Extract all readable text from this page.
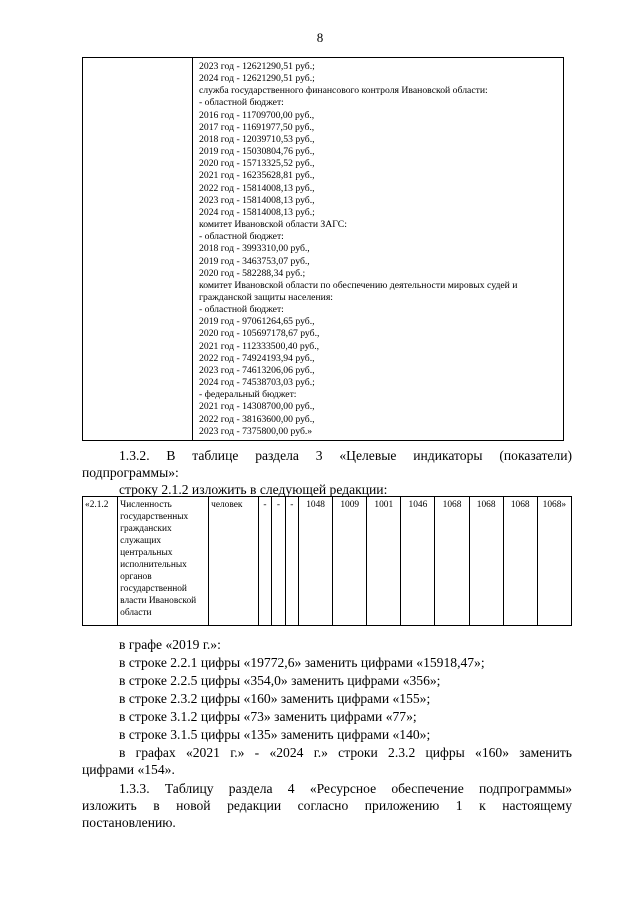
8

2023 год - 12621290,51 руб.;
2024 год - 12621290,51 руб.;
служба государственного финансового контроля Ивановской области:
- областной бюджет:
2016 год - 11709700,00 руб.,
2017 год - 11691977,50 руб.,
2018 год - 12039710,53 руб.,
2019 год - 15030804,76 руб.,
2020 год - 15713325,52 руб.,
2021 год - 16235628,81 руб.,
2022 год - 15814008,13 руб.,
2023 год - 15814008,13 руб.,
2024 год - 15814008,13 руб.;
комитет Ивановской области ЗАГС:
- областной бюджет:
2018 год - 3993310,00 руб.,
2019 год - 3463753,07 руб.,
2020 год - 582288,34 руб.;
комитет Ивановской области по обеспечению деятельности мировых судей и гражданской защиты населения:
- областной бюджет:
2019 год - 97061264,65 руб.,
2020 год - 105697178,67 руб.,
2021 год - 112333500,40 руб.,
2022 год - 74924193,94 руб.,
2023 год - 74613206,06 руб.,
2024 год - 74538703,03 руб.;
- федеральный бюджет:
2021 год - 14308700,00 руб.,
2022 год - 38163600,00 руб.,
2023 год - 7375800,00 руб.»
1.3.2. В таблице раздела 3 «Целевые индикаторы (показатели)
подпрограммы»:
строку 2.1.2 изложить в следующей редакции:
«2.1.2	Численность государственных гражданских служащих центральных исполнительных органов государственной власти Ивановской области	человек	-	-	-	1048	1009	1001	1046	1068	1068	1068	1068»
в графе «2019 г.»:
в строке 2.2.1 цифры «19772,6» заменить цифрами «15918,47»;
в строке 2.2.5 цифры «354,0» заменить цифрами «356»;
в строке 2.3.2 цифры «160» заменить цифрами «155»;
в строке 3.1.2 цифры «73» заменить цифрами «77»;
в строке 3.1.5 цифры «135» заменить цифрами «140»;
в графах «2021 г.» - «2024 г.» строки 2.3.2 цифры «160» заменить
цифрами «154».
1.3.3. Таблицу раздела 4 «Ресурсное обеспечение подпрограммы»
изложить в новой редакции согласно приложению 1 к настоящему
постановлению.
